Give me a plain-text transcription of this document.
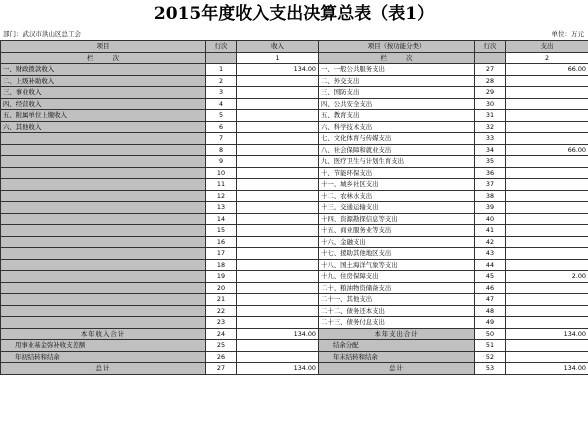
2015年度收入支出决算总表（表1）
部门：武汉市洪山区总工会	单位：万元
项目	行次	收入	项目（按功能分类）	行次	支出
栏　　　次		1	栏　　　次		2
一、财政拨款收入	1	134.00	一、一般公共服务支出	27	66.00
二、上级补助收入	2		二、外交支出	28	
三、事业收入	3		三、国防支出	29	
四、经营收入	4		四、公共安全支出	30	
五、附属单位上缴收入	5		五、教育支出	31	
六、其他收入	6		六、科学技术支出	32	
	7		七、文化体育与传媒支出	33	
	8		八、社会保障和就业支出	34	66.00
	9		九、医疗卫生与计划生育支出	35	
	10		十、节能环保支出	36	
	11		十一、城乡社区支出	37	
	12		十二、农林水支出	38	
	13		十三、交通运输支出	39	
	14		十四、资源勘探信息等支出	40	
	15		十五、商业服务业等支出	41	
	16		十六、金融支出	42	
	17		十七、援助其他地区支出	43	
	18		十八、国土海洋气象等支出	44	
	19		十九、住房保障支出	45	2.00
	20		二十、粮油物资储备支出	46	
	21		二十一、其他支出	47	
	22		二十二、债务还本支出	48	
	23		二十三、债务付息支出	49	
本年收入合计	24	134.00	本年支出合计	50	134.00
用事业基金弥补收支差额	25		结余分配	51	
年初结转和结余	26		年末结转和结余	52	
总计	27	134.00	总计	53	134.00
